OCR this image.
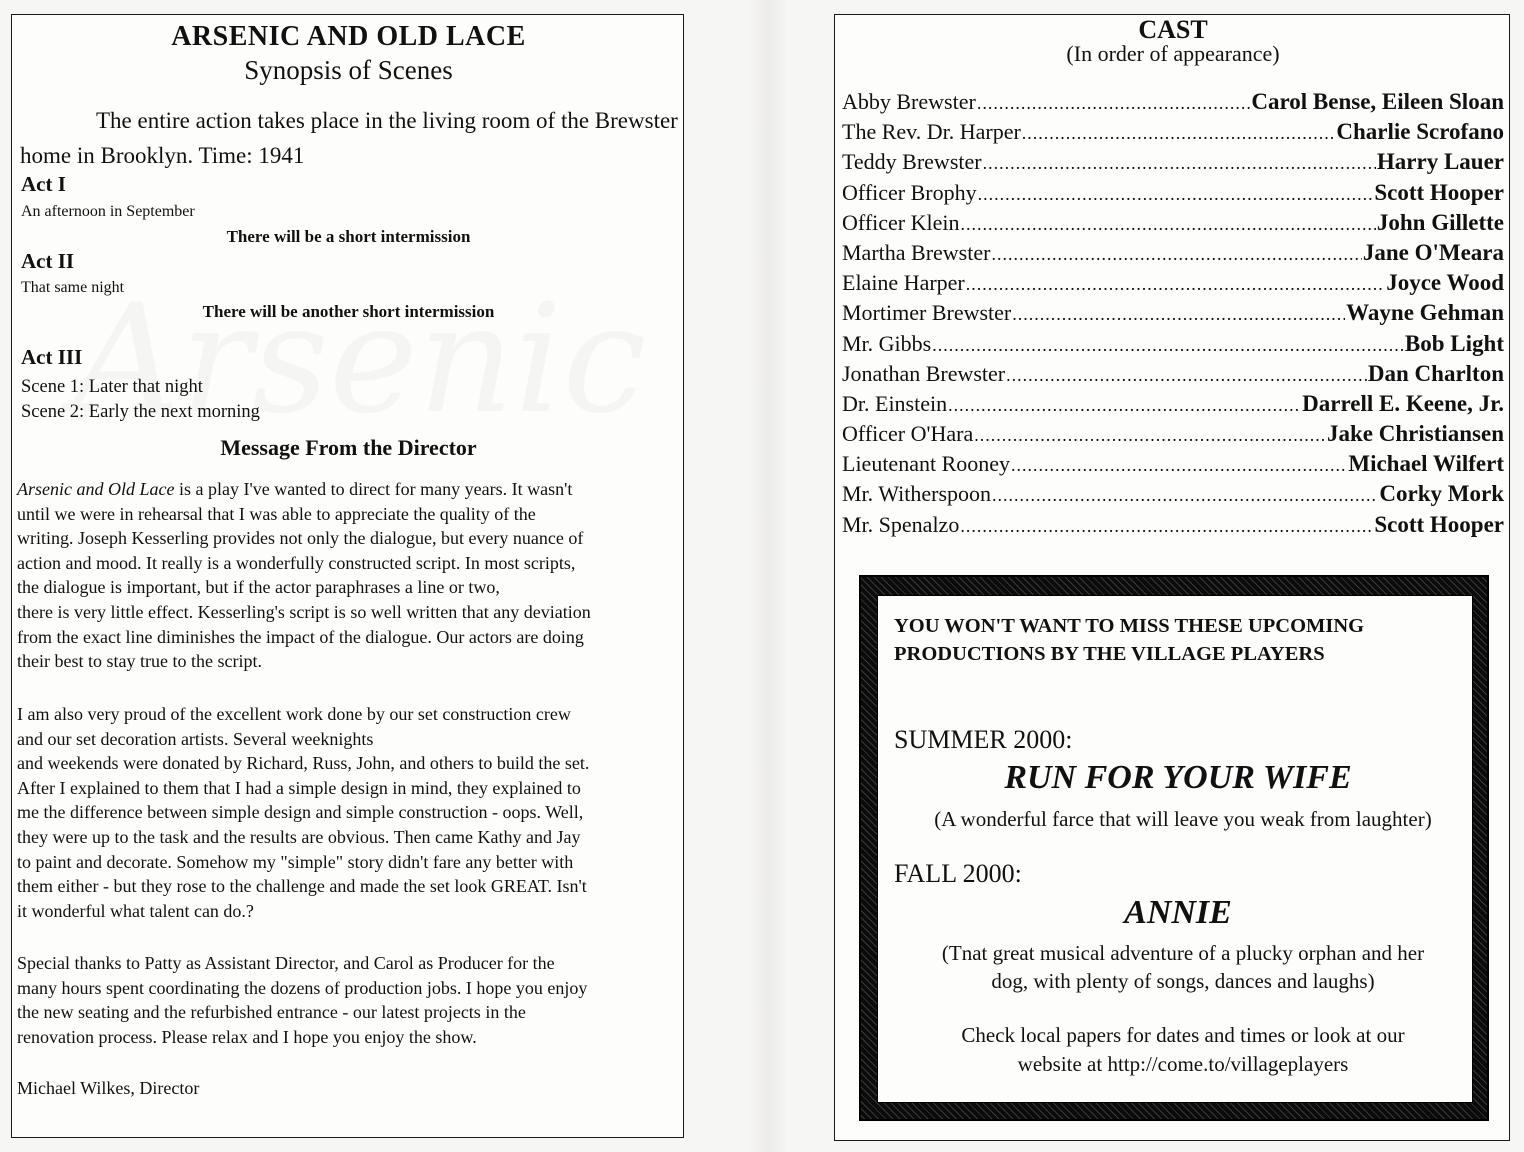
ARSENIC AND OLD LACE
Synopsis of Scenes
The entire action takes place in the living room of the Brewster home in Brooklyn. Time: 1941
Act I
An afternoon in September
There will be a short intermission
Act II
That same night
There will be another short intermission
Act III
Scene 1: Later that night
Scene 2: Early the next morning
Message From the Director
Arsenic and Old Lace is a play I've wanted to direct for many years. It wasn't
until we were in rehearsal that I was able to appreciate the quality of the
writing. Joseph Kesserling provides not only the dialogue, but every nuance of
action and mood. It really is a wonderfully constructed script. In most scripts,
the dialogue is important, but if the actor paraphrases a line or two,
there is very little effect. Kesserling's script is so well written that any deviation
from the exact line diminishes the impact of the dialogue. Our actors are doing
their best to stay true to the script.
I am also very proud of the excellent work done by our set construction crew
and our set decoration artists. Several weeknights
and weekends were donated by Richard, Russ, John, and others to build the set.
After I explained to them that I had a simple design in mind, they explained to
me the difference between simple design and simple construction - oops. Well,
they were up to the task and the results are obvious. Then came Kathy and Jay
to paint and decorate. Somehow my "simple" story didn't fare any better with
them either - but they rose to the challenge and made the set look GREAT. Isn't
it wonderful what talent can do.?
Special thanks to Patty as Assistant Director, and Carol as Producer for the
many hours spent coordinating the dozens of production jobs. I hope you enjoy
the new seating and the refurbished entrance - our latest projects in the
renovation process. Please relax and I hope you enjoy the show.
Michael Wilkes, Director
CAST
(In order of appearance)
Abby Brewster .....	Carol Bense, Eileen Sloan
The Rev. Dr. Harper .....	Charlie Scrofano
Teddy Brewster .....	Harry Lauer
Officer Brophy .....	Scott Hooper
Officer Klein .....	John Gillette
Martha Brewster .....	Jane O'Meara
Elaine Harper .....	Joyce Wood
Mortimer Brewster .....	Wayne Gehman
Mr. Gibbs .....	Bob Light
Jonathan Brewster .....	Dan Charlton
Dr. Einstein .....	Darrell E. Keene, Jr.
Officer O'Hara .....	Jake Christiansen
Lieutenant Rooney .....	Michael Wilfert
Mr. Witherspoon .....	Corky Mork
Mr. Spenalzo .....	Scott Hooper
YOU WON'T WANT TO MISS THESE UPCOMING
PRODUCTIONS BY THE VILLAGE PLAYERS
SUMMER 2000:
RUN FOR YOUR WIFE
(A wonderful farce that will leave you weak from laughter)
FALL 2000:
ANNIE
(Tnat great musical adventure of a plucky orphan and her
dog, with plenty of songs, dances and laughs)
Check local papers for dates and times or look at our
website at http://come.to/villageplayers
